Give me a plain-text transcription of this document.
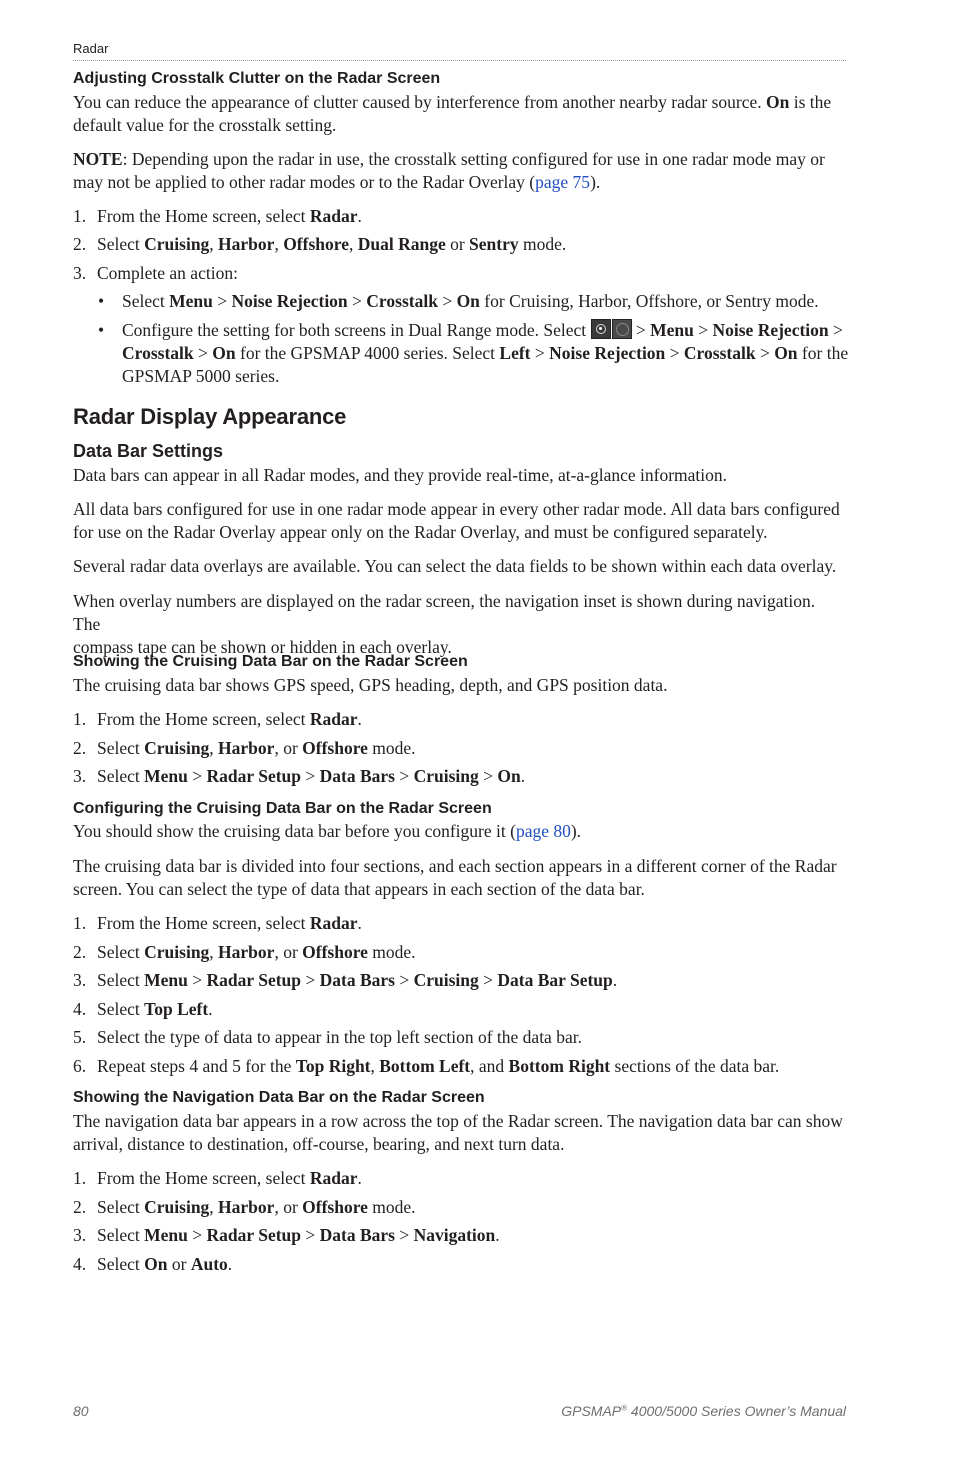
Radar
Adjusting Crosstalk Clutter on the Radar Screen

You can reduce the appearance of clutter caused by interference from another nearby radar source. On is the
default value for the crosstalk setting.

NOTE: Depending upon the radar in use, the crosstalk setting configured for use in one radar mode may or
may not be applied to other radar modes or to the Radar Overlay (page 75).

1. From the Home screen, select Radar.
2. Select Cruising, Harbor, Offshore, Dual Range or Sentry mode.
3. Complete an action:
• Select Menu > Noise Rejection > Crosstalk > On for Cruising, Harbor, Offshore, or Sentry mode.
• Configure the setting for both screens in Dual Range mode. Select  > Menu > Noise Rejection >
Crosstalk > On for the GPSMAP 4000 series. Select Left > Noise Rejection > Crosstalk > On for the
GPSMAP 5000 series.
Radar Display Appearance
Data Bar Settings

Data bars can appear in all Radar modes, and they provide real-time, at-a-glance information.

All data bars configured for use in one radar mode appear in every other radar mode. All data bars configured
for use on the Radar Overlay appear only on the Radar Overlay, and must be configured separately.

Several radar data overlays are available. You can select the data fields to be shown within each data overlay.

When overlay numbers are displayed on the radar screen, the navigation inset is shown during navigation. The
compass tape can be shown or hidden in each overlay.

Showing the Cruising Data Bar on the Radar Screen

The cruising data bar shows GPS speed, GPS heading, depth, and GPS position data.

1. From the Home screen, select Radar.
2. Select Cruising, Harbor, or Offshore mode.
3. Select Menu > Radar Setup > Data Bars > Cruising > On.
Configuring the Cruising Data Bar on the Radar Screen

You should show the cruising data bar before you configure it (page 80).

The cruising data bar is divided into four sections, and each section appears in a different corner of the Radar
screen. You can select the type of data that appears in each section of the data bar.

1. From the Home screen, select Radar.
2. Select Cruising, Harbor, or Offshore mode.
3. Select Menu > Radar Setup > Data Bars > Cruising > Data Bar Setup.
4. Select Top Left.
5. Select the type of data to appear in the top left section of the data bar.
6. Repeat steps 4 and 5 for the Top Right, Bottom Left, and Bottom Right sections of the data bar.
Showing the Navigation Data Bar on the Radar Screen

The navigation data bar appears in a row across the top of the Radar screen. The navigation data bar can show
arrival, distance to destination, off-course, bearing, and next turn data.

1. From the Home screen, select Radar.
2. Select Cruising, Harbor, or Offshore mode.
3. Select Menu > Radar Setup > Data Bars > Navigation.
4. Select On or Auto.
80	GPSMAP® 4000/5000 Series Owner’s Manual
